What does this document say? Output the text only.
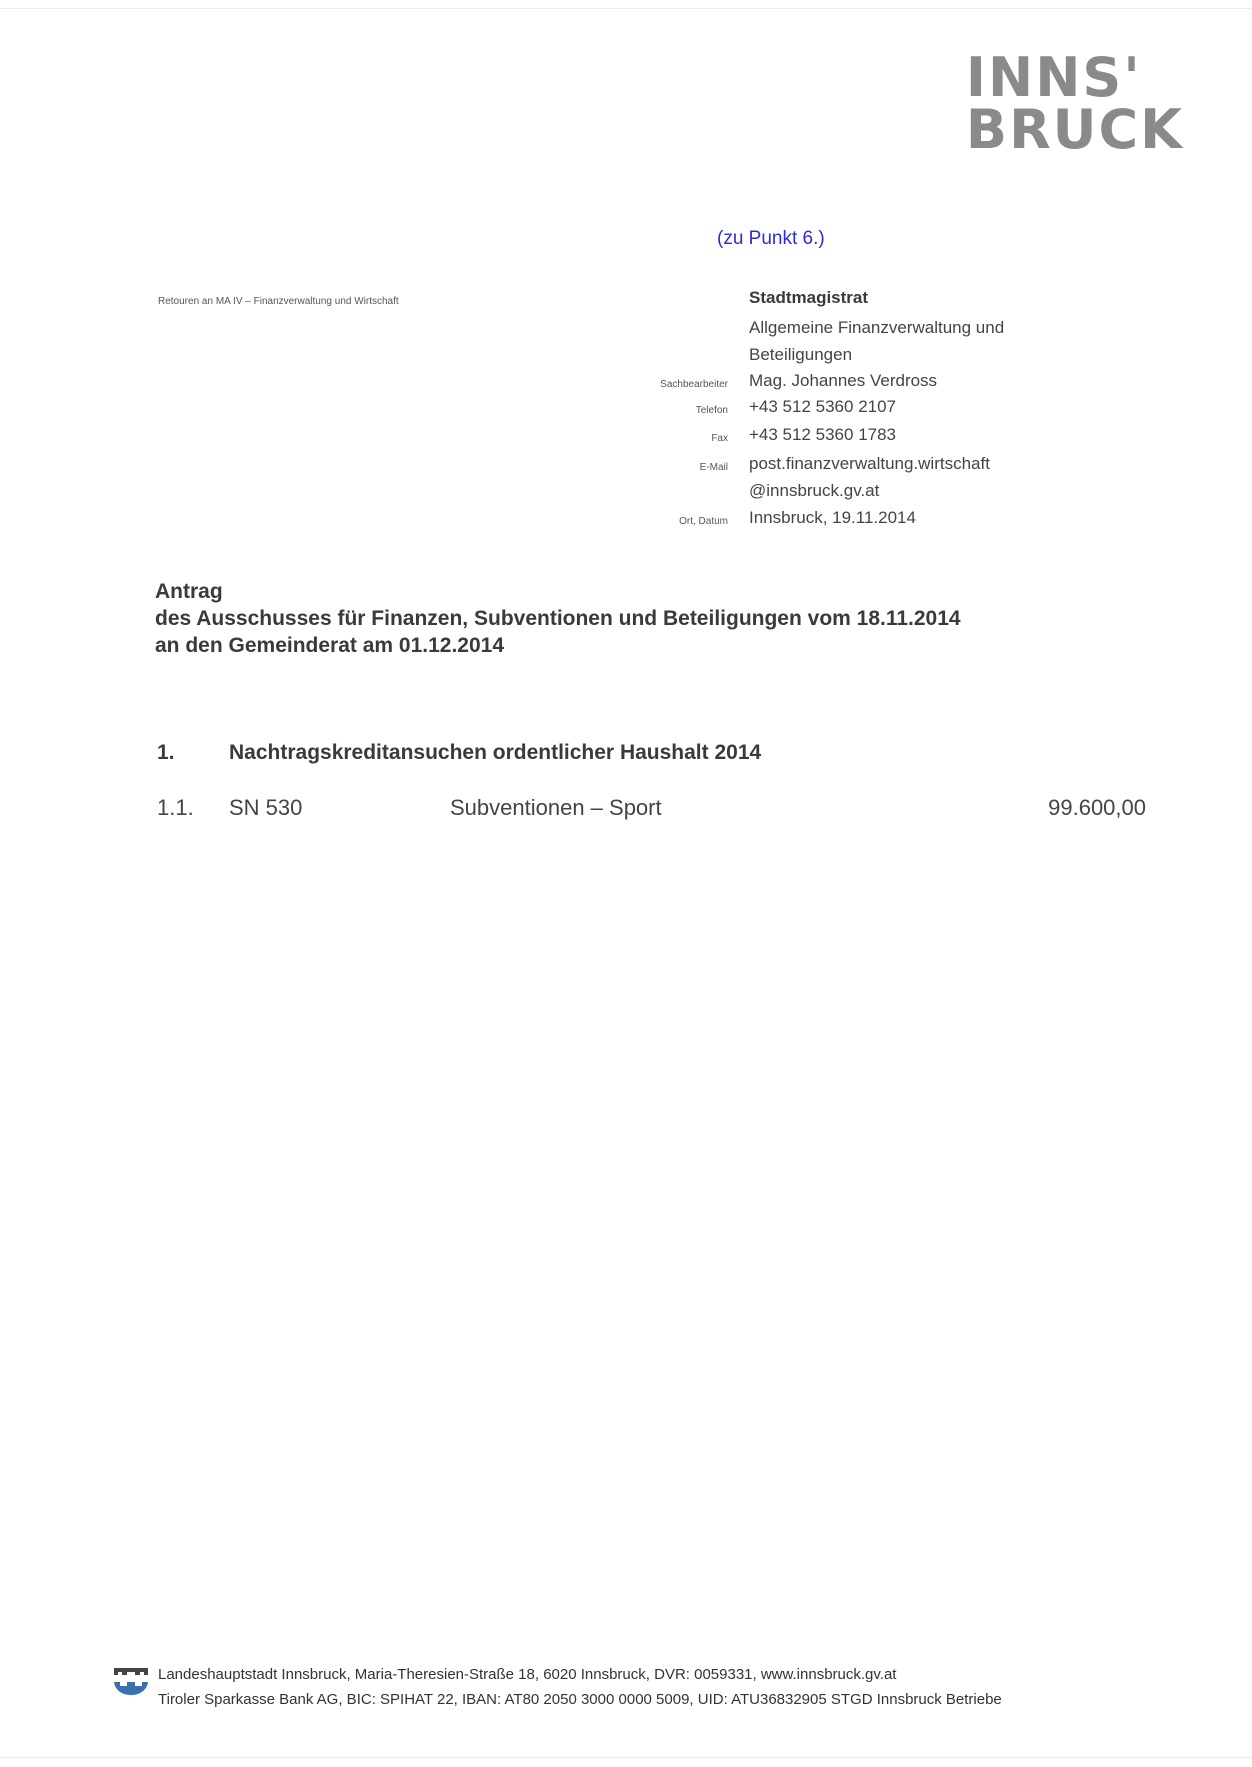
INNS'
BRUCK
(zu Punkt 6.)
Retouren an MA IV – Finanzverwaltung und Wirtschaft	Stadtmagistrat
Allgemeine Finanzverwaltung und
Beteiligungen
Sachbearbeiter Mag. Johannes Verdross
Telefon +43 512 5360 2107
Fax +43 512 5360 1783
E-Mail post.finanzverwaltung.wirtschaft
@innsbruck.gv.at
Ort, Datum Innsbruck, 19.11.2014
Antrag
des Ausschusses für Finanzen, Subventionen und Beteiligungen vom 18.11.2014
an den Gemeinderat am 01.12.2014
1.	Nachtragskreditansuchen ordentlicher Haushalt 2014
1.1. SN 530	Subventionen – Sport	99.600,00
Landeshauptstadt Innsbruck, Maria-Theresien-Straße 18, 6020 Innsbruck, DVR: 0059331, www.innsbruck.gv.at
Tiroler Sparkasse Bank AG, BIC: SPIHAT 22, IBAN: AT80 2050 3000 0000 5009, UID: ATU36832905 STGD Innsbruck Betriebe
